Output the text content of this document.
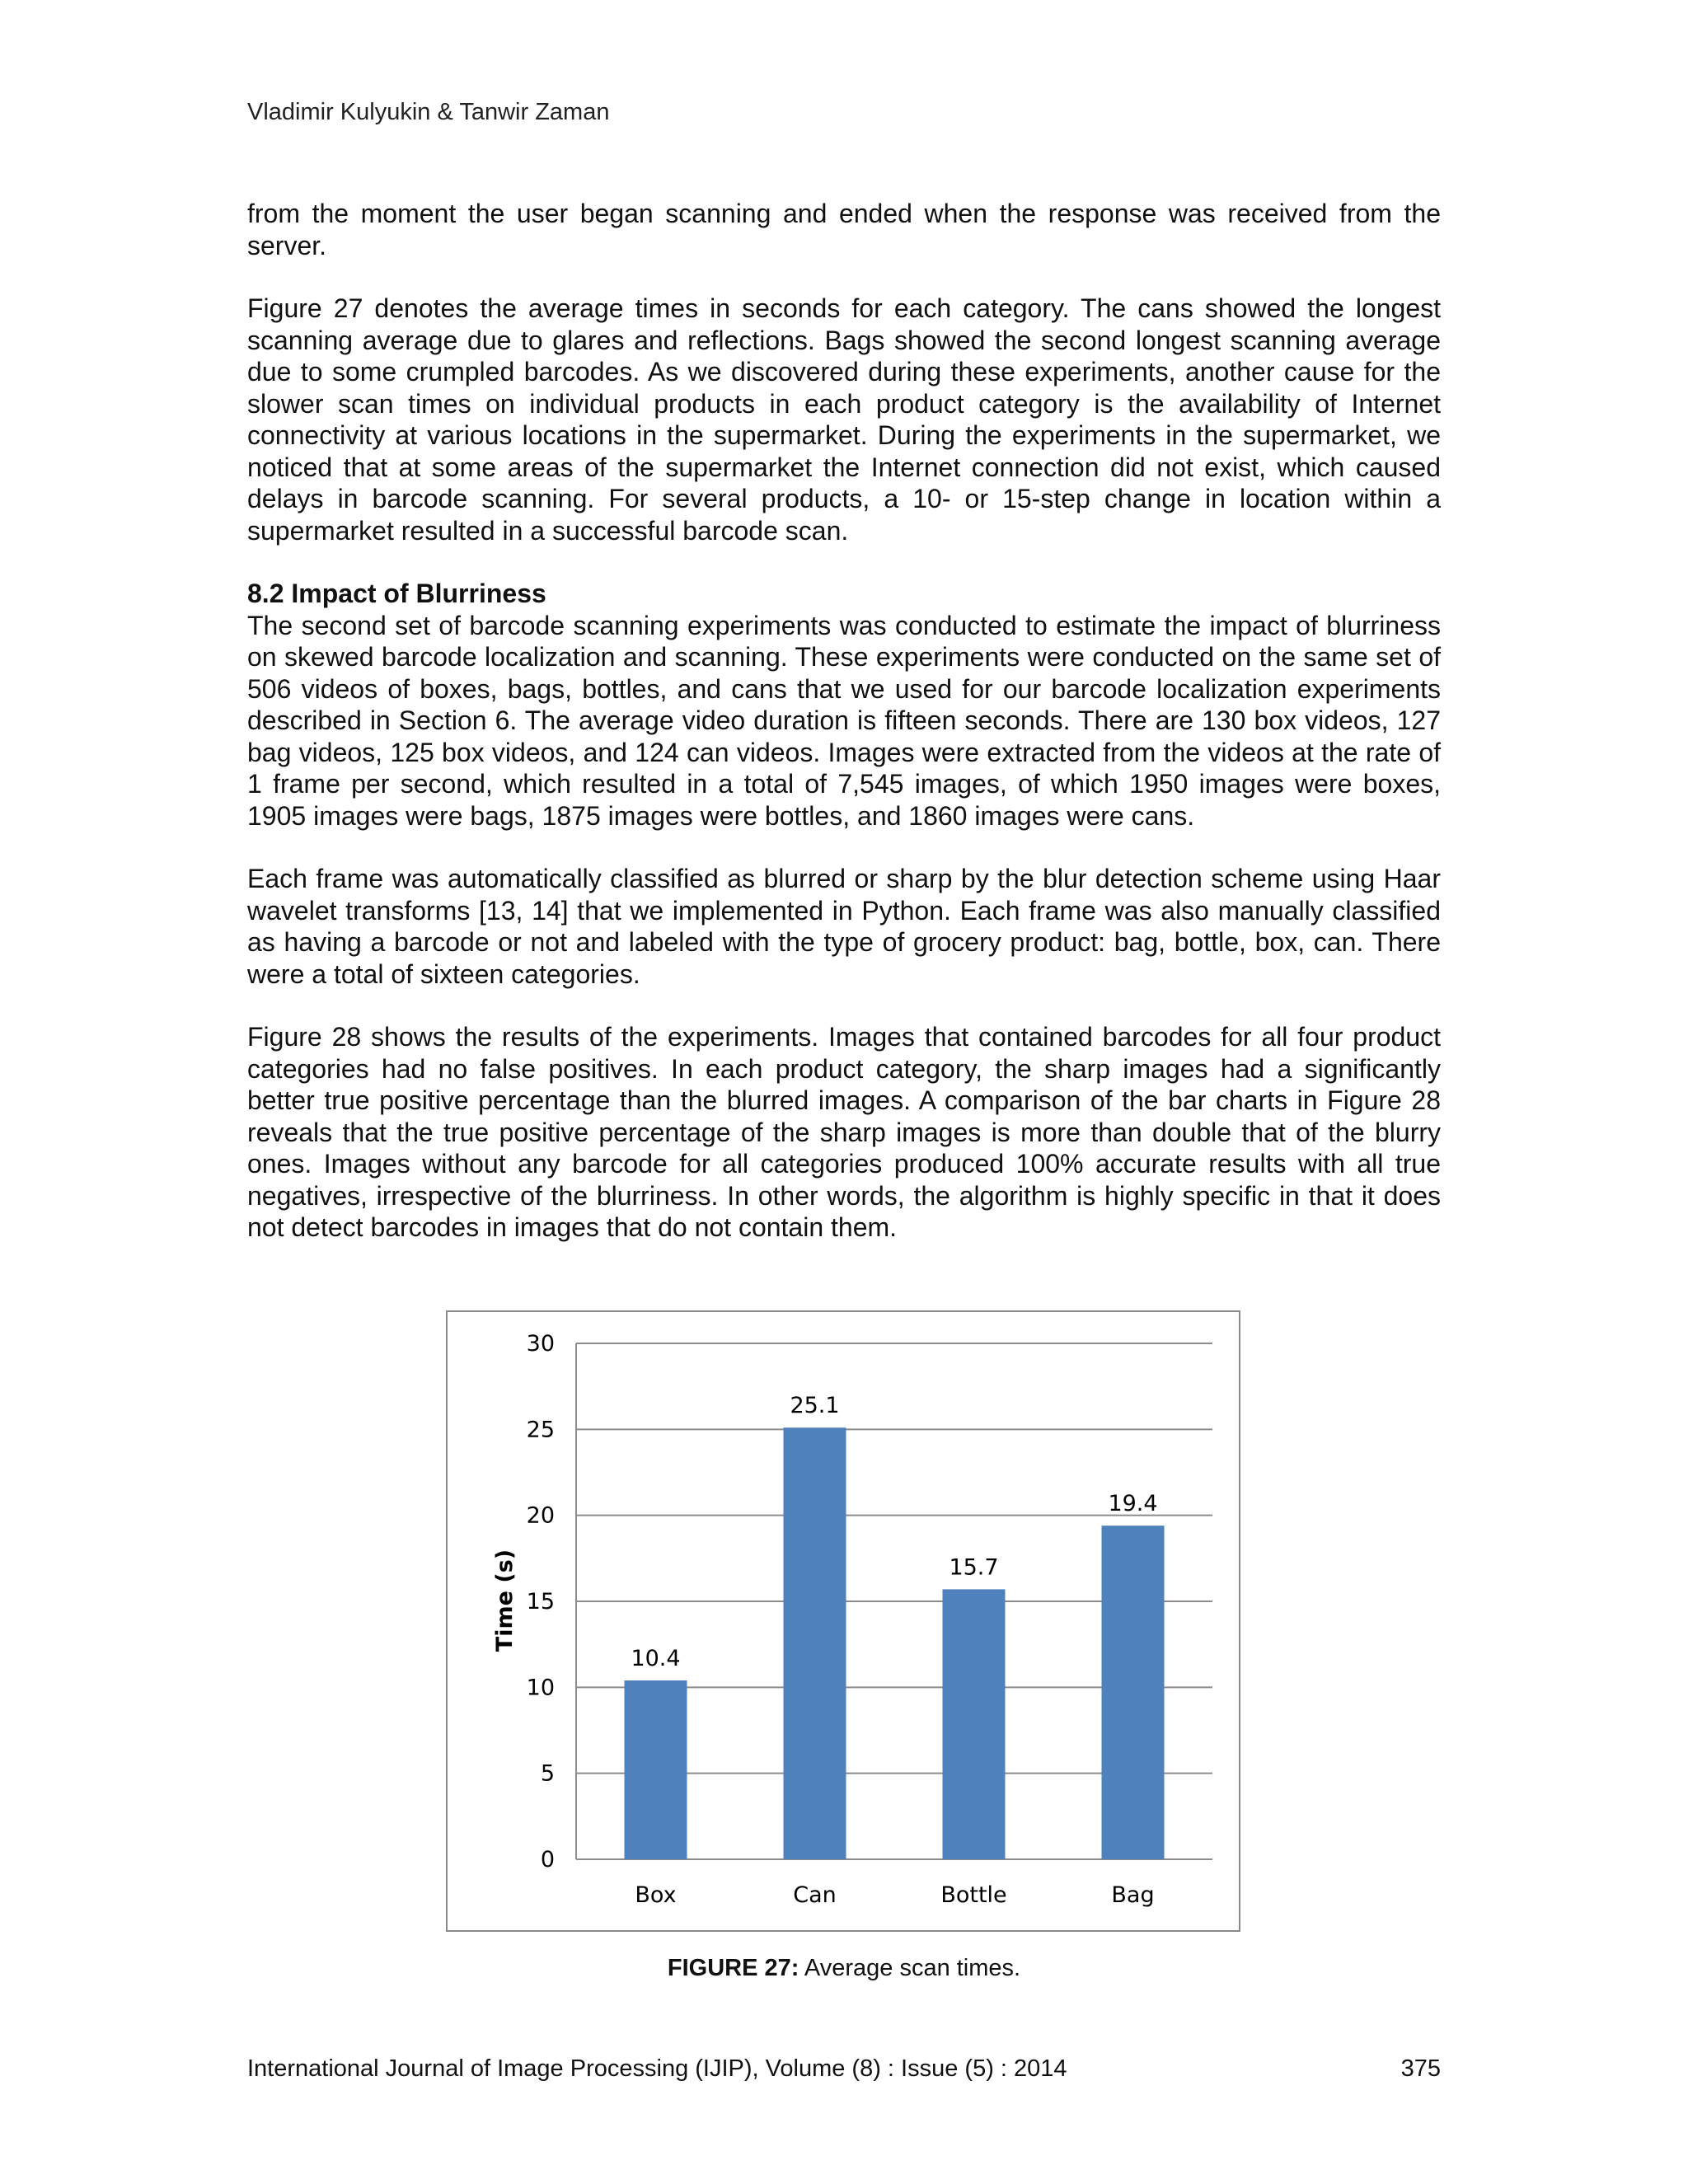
Vladimir Kulyukin & Tanwir Zaman

from the moment the user began scanning and ended when the response was received from the server.

Figure 27 denotes the average times in seconds for each category. The cans showed the longest scanning average due to glares and reflections. Bags showed the second longest scanning average due to some crumpled barcodes. As we discovered during these experiments, another cause for the slower scan times on individual products in each product category is the availability of Internet connectivity at various locations in the supermarket. During the experiments in the supermarket, we noticed that at some areas of the supermarket the Internet connection did not exist, which caused delays in barcode scanning. For several products, a 10- or 15-step change in location within a supermarket resulted in a successful barcode scan.

8.2 Impact of Blurriness

The second set of barcode scanning experiments was conducted to estimate the impact of blurriness on skewed barcode localization and scanning. These experiments were conducted on the same set of 506 videos of boxes, bags, bottles, and cans that we used for our barcode localization experiments described in Section 6. The average video duration is fifteen seconds. There are 130 box videos, 127 bag videos, 125 box videos, and 124 can videos. Images were extracted from the videos at the rate of 1 frame per second, which resulted in a total of 7,545 images, of which 1950 images were boxes, 1905 images were bags, 1875 images were bottles, and 1860 images were cans.

Each frame was automatically classified as blurred or sharp by the blur detection scheme using Haar wavelet transforms [13, 14] that we implemented in Python. Each frame was also manually classified as having a barcode or not and labeled with the type of grocery product: bag, bottle, box, can. There were a total of sixteen categories.

Figure 28 shows the results of the experiments. Images that contained barcodes for all four product categories had no false positives. In each product category, the sharp images had a significantly better true positive percentage than the blurred images. A comparison of the bar charts in Figure 28 reveals that the true positive percentage of the sharp images is more than double that of the blurry ones. Images without any barcode for all categories produced 100% accurate results with all true negatives, irrespective of the blurriness. In other words, the algorithm is highly specific in that it does not detect barcodes in images that do not contain them.

0
5
10
15
20
25
30
10.4
Box
25.1
Can
15.7
Bottle
19.4
Bag
Time (s)
FIGURE 27: Average scan times.
International Journal of Image Processing (IJIP), Volume (8) : Issue (5) : 2014	375
